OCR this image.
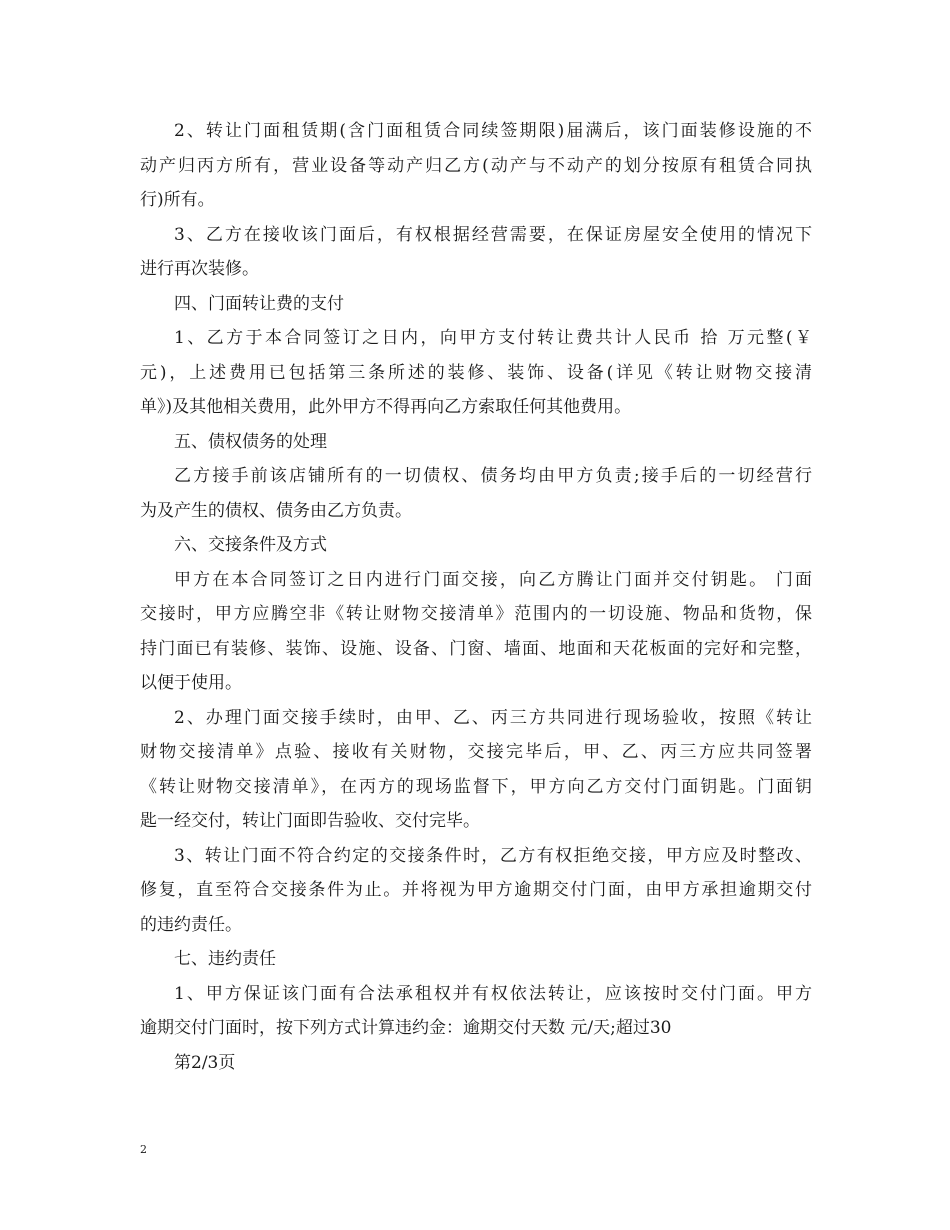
2、转让门面租赁期(含门面租赁合同续签期限)届满后，该门面装修设施的不
动产归丙方所有，营业设备等动产归乙方(动产与不动产的划分按原有租赁合同执
行)所有。
3、乙方在接收该门面后，有权根据经营需要，在保证房屋安全使用的情况下
进行再次装修。
四、门面转让费的支付
1、乙方于本合同签订之日内，向甲方支付转让费共计人民币 拾 万元整(￥
元)，上述费用已包括第三条所述的装修、装饰、设备(详见《转让财物交接清
单》)及其他相关费用，此外甲方不得再向乙方索取任何其他费用。
五、债权债务的处理
乙方接手前该店铺所有的一切债权、债务均由甲方负责;接手后的一切经营行
为及产生的债权、债务由乙方负责。
六、交接条件及方式
甲方在本合同签订之日内进行门面交接，向乙方腾让门面并交付钥匙。 门面
交接时，甲方应腾空非《转让财物交接清单》范围内的一切设施、物品和货物，保
持门面已有装修、装饰、设施、设备、门窗、墙面、地面和天花板面的完好和完整，
以便于使用。
2、办理门面交接手续时，由甲、乙、丙三方共同进行现场验收，按照《转让
财物交接清单》点验、接收有关财物，交接完毕后，甲、乙、丙三方应共同签署
《转让财物交接清单》，在丙方的现场监督下，甲方向乙方交付门面钥匙。门面钥
匙一经交付，转让门面即告验收、交付完毕。
3、转让门面不符合约定的交接条件时，乙方有权拒绝交接，甲方应及时整改、
修复，直至符合交接条件为止。并将视为甲方逾期交付门面，由甲方承担逾期交付
的违约责任。
七、违约责任
1、甲方保证该门面有合法承租权并有权依法转让，应该按时交付门面。甲方
逾期交付门面时，按下列方式计算违约金：逾期交付天数 元/天;超过30
第2/3页
2
